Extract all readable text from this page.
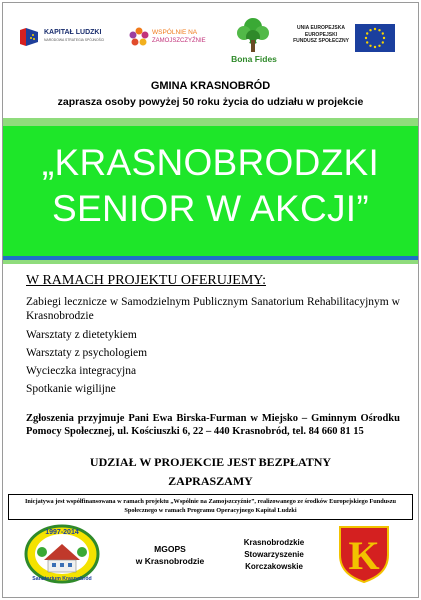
KAPITAŁ LUDZKI
NARODOWA STRATEGIA SPÓJNOŚCI
WSPÓLNIE NA
ZAMOJSZCZYŹNIE
Bona Fides
UNIA EUROPEJSKA
EUROPEJSKI
FUNDUSZ SPOŁECZNY
GMINA KRASNOBRÓD
zaprasza osoby powyżej 50 roku życia do udziału w projekcie
„KRASNOBRODZKI
SENIOR W AKCJI”
W RAMACH PROJEKTU OFERUJEMY:
Zabiegi lecznicze w Samodzielnym Publicznym Sanatorium Rehabilitacyjnym w Krasnobrodzie
Warsztaty z dietetykiem
Warsztaty z psychologiem
Wycieczka integracyjna
Spotkanie wigilijne
Zgłoszenia przyjmuje Pani Ewa Birska-Furman w Miejsko – Gminnym Ośrodku Pomocy Społecznej, ul. Kościuszki 6, 22 – 440 Krasnobród, tel. 84 660 81 15
UDZIAŁ W PROJEKCIE JEST BEZPŁATNY
ZAPRASZAMY
Inicjatywa jest współfinansowana w ramach projektu „Wspólnie na Zamojszczyźnie”, realizowanego ze środków Europejskiego Funduszu Społecznego w ramach Programu Operacyjnego Kapitał Ludzki
1997-2014
Sanatorium Krasnobród
MGOPS
w Krasnobrodzie
Krasnobrodzkie
Stowarzyszenie
Korczakowskie	K
